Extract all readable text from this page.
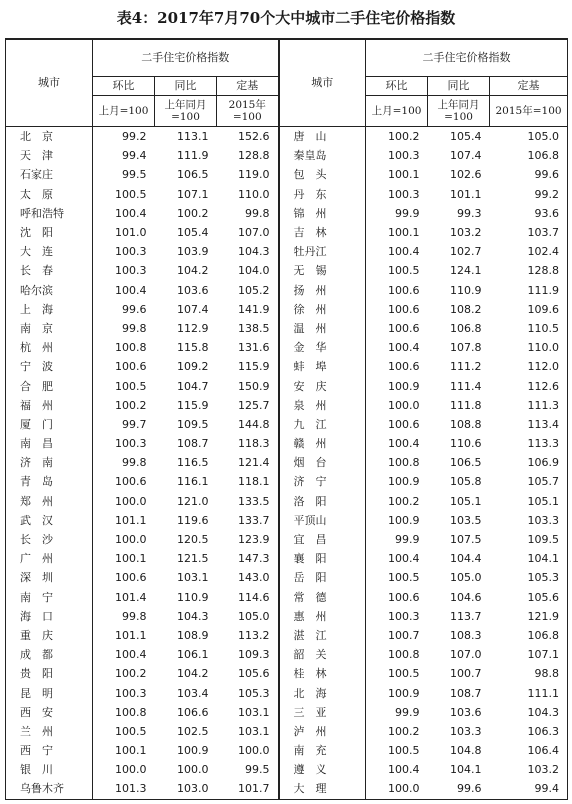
表4：2017年7月70个大中城市二手住宅价格指数
城市	二手住宅价格指数			城市	二手住宅价格指数		
	环比	同比	定基		环比	同比	定基
	上月=100	上年同月=100	2015年=100		上月=100	上年同月=100	2015年=100
北　京	99.2	113.1	152.6	唐　山	100.2	105.4	105.0
天　津	99.4	111.9	128.8	秦皇岛	100.3	107.4	106.8
石家庄	99.5	106.5	119.0	包　头	100.1	102.6	99.6
太　原	100.5	107.1	110.0	丹　东	100.3	101.1	99.2
呼和浩特	100.4	100.2	99.8	锦　州	99.9	99.3	93.6
沈　阳	101.0	105.4	107.0	吉　林	100.1	103.2	103.7
大　连	100.3	103.9	104.3	牡丹江	100.4	102.7	102.4
长　春	100.3	104.2	104.0	无　锡	100.5	124.1	128.8
哈尔滨	100.4	103.6	105.2	扬　州	100.6	110.9	111.9
上　海	99.6	107.4	141.9	徐　州	100.6	108.2	109.6
南　京	99.8	112.9	138.5	温　州	100.6	106.8	110.5
杭　州	100.8	115.8	131.6	金　华	100.4	107.8	110.0
宁　波	100.6	109.2	115.9	蚌　埠	100.6	111.2	112.0
合　肥	100.5	104.7	150.9	安　庆	100.9	111.4	112.6
福　州	100.2	115.9	125.7	泉　州	100.0	111.8	111.3
厦　门	99.7	109.5	144.8	九　江	100.6	108.8	113.4
南　昌	100.3	108.7	118.3	赣　州	100.4	110.6	113.3
济　南	99.8	116.5	121.4	烟　台	100.8	106.5	106.9
青　岛	100.6	116.1	118.1	济　宁	100.9	105.8	105.7
郑　州	100.0	121.0	133.5	洛　阳	100.2	105.1	105.1
武　汉	101.1	119.6	133.7	平顶山	100.9	103.5	103.3
长　沙	100.0	120.5	123.9	宜　昌	99.9	107.5	109.5
广　州	100.1	121.5	147.3	襄　阳	100.4	104.4	104.1
深　圳	100.6	103.1	143.0	岳　阳	100.5	105.0	105.3
南　宁	101.4	110.9	114.6	常　德	100.6	104.6	105.6
海　口	99.8	104.3	105.0	惠　州	100.3	113.7	121.9
重　庆	101.1	108.9	113.2	湛　江	100.7	108.3	106.8
成　都	100.4	106.1	109.3	韶　关	100.8	107.0	107.1
贵　阳	100.2	104.2	105.6	桂　林	100.5	100.7	98.8
昆　明	100.3	103.4	105.3	北　海	100.9	108.7	111.1
西　安	100.8	106.6	103.1	三　亚	99.9	103.6	104.3
兰　州	100.5	102.5	103.1	泸　州	100.2	103.3	106.3
西　宁	100.1	100.9	100.0	南　充	100.5	104.8	106.4
银　川	100.0	100.0	99.5	遵　义	100.4	104.1	103.2
乌鲁木齐	101.3	103.0	101.7	大　理	100.0	99.6	99.4
